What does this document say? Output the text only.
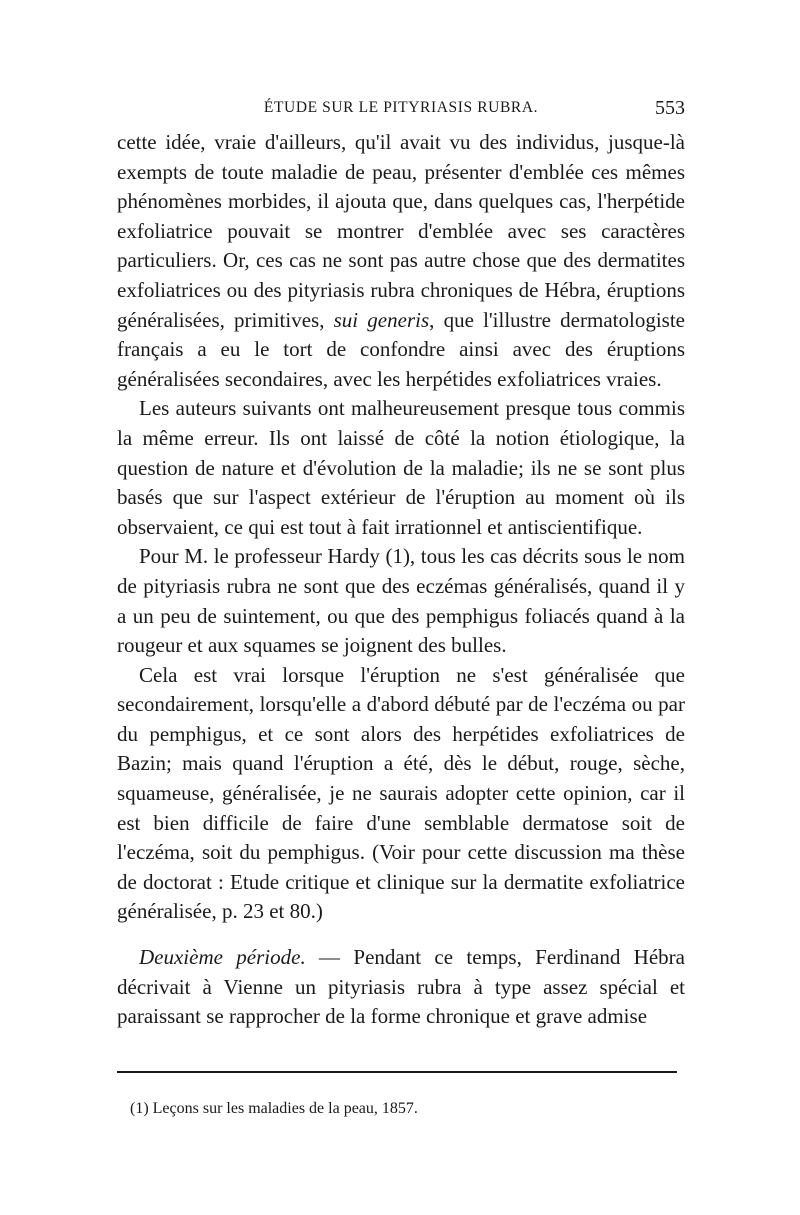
ÉTUDE SUR LE PITYRIASIS RUBRA.	553

cette idée, vraie d'ailleurs, qu'il avait vu des individus, jusque-là exempts de toute maladie de peau, présenter d'emblée ces mêmes phénomènes morbides, il ajouta que, dans quelques cas, l'herpétide exfoliatrice pouvait se montrer d'emblée avec ses caractères particuliers. Or, ces cas ne sont pas autre chose que des dermatites exfoliatrices ou des pityriasis rubra chroniques de Hébra, éruptions généralisées, primitives, sui generis, que l'illustre dermatologiste français a eu le tort de confondre ainsi avec des éruptions généralisées secondaires, avec les herpétides exfoliatrices vraies.

Les auteurs suivants ont malheureusement presque tous commis la même erreur. Ils ont laissé de côté la notion étiologique, la question de nature et d'évolution de la maladie; ils ne se sont plus basés que sur l'aspect extérieur de l'éruption au moment où ils observaient, ce qui est tout à fait irrationnel et antiscientifique.

Pour M. le professeur Hardy (1), tous les cas décrits sous le nom de pityriasis rubra ne sont que des eczémas généralisés, quand il y a un peu de suintement, ou que des pemphigus foliacés quand à la rougeur et aux squames se joignent des bulles.

Cela est vrai lorsque l'éruption ne s'est généralisée que secondairement, lorsqu'elle a d'abord débuté par de l'eczéma ou par du pemphigus, et ce sont alors des herpétides exfoliatrices de Bazin; mais quand l'éruption a été, dès le début, rouge, sèche, squameuse, généralisée, je ne saurais adopter cette opinion, car il est bien difficile de faire d'une semblable dermatose soit de l'eczéma, soit du pemphigus. (Voir pour cette discussion ma thèse de doctorat : Etude critique et clinique sur la dermatite exfoliatrice généralisée, p. 23 et 80.)

Deuxième période. — Pendant ce temps, Ferdinand Hébra décrivait à Vienne un pityriasis rubra à type assez spécial et paraissant se rapprocher de la forme chronique et grave admise

(1) Leçons sur les maladies de la peau, 1857.
